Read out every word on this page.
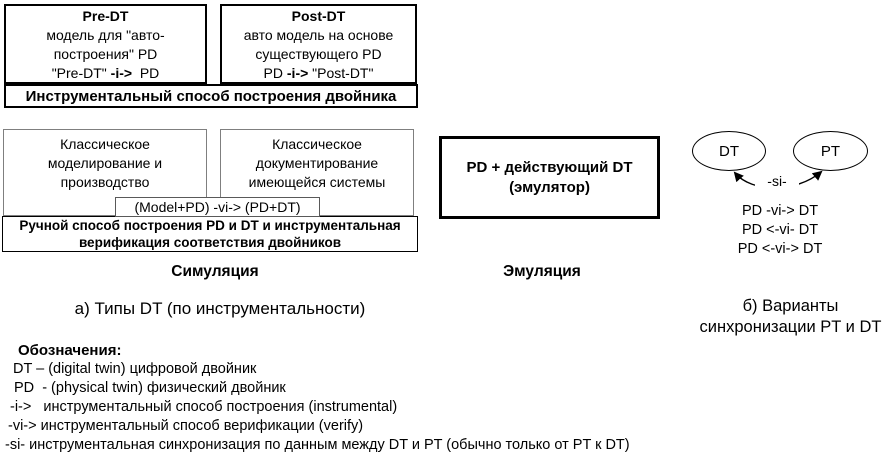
Pre-DT
модель для "авто-
построения" PD
"Pre-DT" -i->  PD
Post-DT
авто модель на основе
существующего PD
PD -i-> "Post-DT"
Инструментальный способ построения двойника
Классическое
моделирование и
производство
Классическое
документирование
имеющейся системы
(Model+PD) -vi-> (PD+DT)
Ручной способ построения PD и DT и инструментальная
верификация соответствия двойников
PD + действующий DT
(эмулятор)
DT	PT
-si-
PD -vi-> DT
PD <-vi- DT
PD <-vi-> DT
Симуляция	Эмуляция
а) Типы DT (по инструментальности)	б) Варианты
синхронизации PT и DT
Обозначения:
DT – (digital twin) цифровой двойник
PD  - (physical twin) физический двойник
-i->   инструментальный способ построения (instrumental)
-vi-> инструментальный способ верификации (verify)
-si- инструментальная синхронизация по данным между DT и PT (обычно только от PT к DT)
